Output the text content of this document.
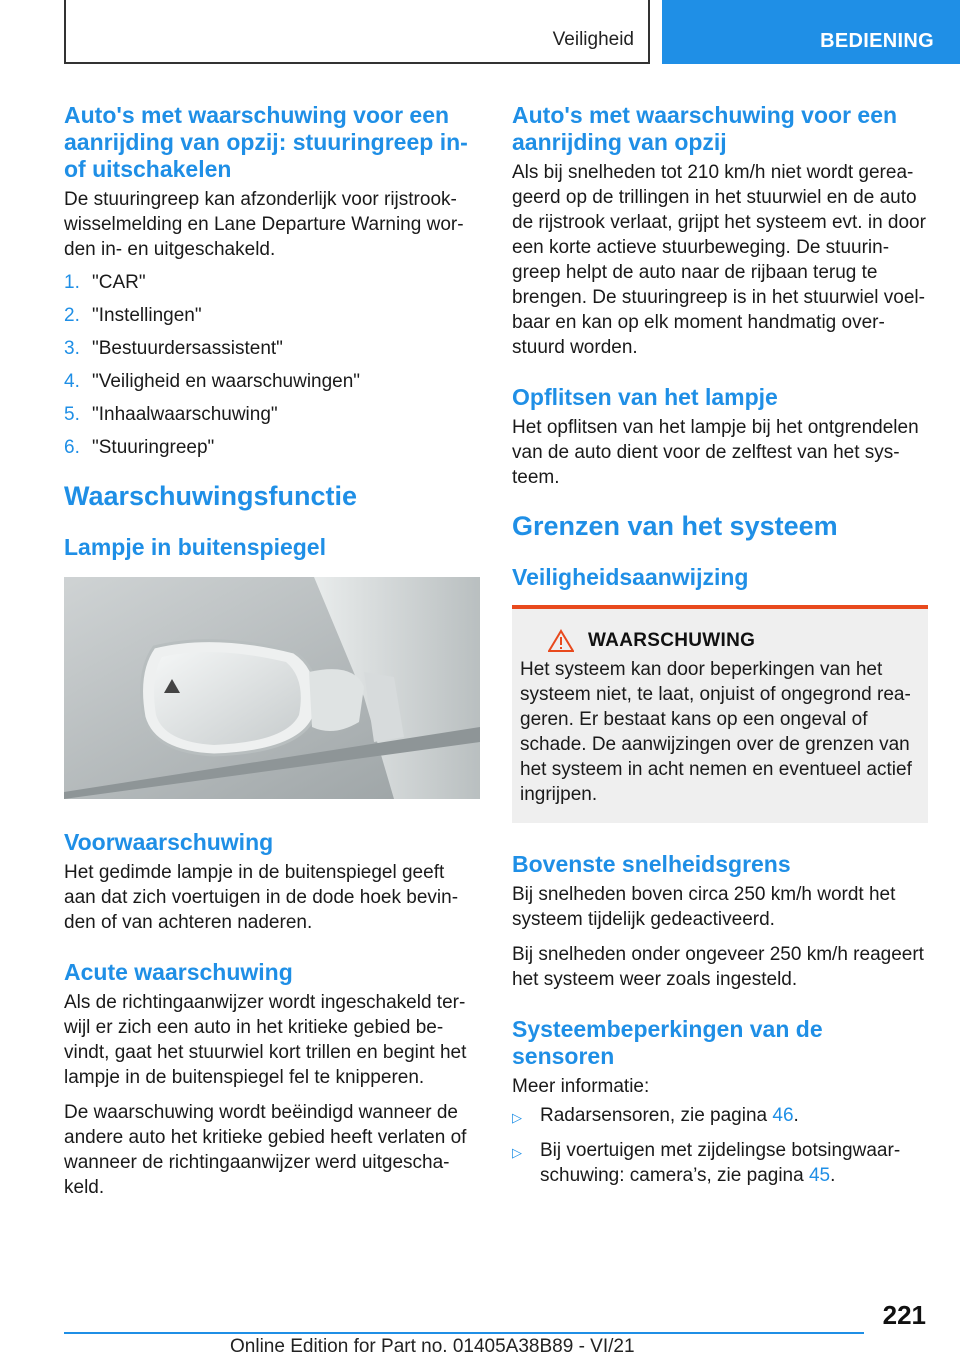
Veiligheid	BEDIENING
Auto's met waarschuwing voor een aanrijding van opzij: stuuringreep in- of uitschakelen
De stuuringreep kan afzonderlijk voor rijstrookwisselmelding en Lane Departure Warning worden in- en uitgeschakeld.
1. "CAR"
2. "Instellingen"
3. "Bestuurdersassistent"
4. "Veiligheid en waarschuwingen"
5. "Inhaalwaarschuwing"
6. "Stuuringreep"
Waarschuwingsfunctie
Lampje in buitenspiegel
Voorwaarschuwing
Het gedimde lampje in de buitenspiegel geeft aan dat zich voertuigen in de dode hoek bevinden of van achteren naderen.
Acute waarschuwing
Als de richtingaanwijzer wordt ingeschakeld terwijl er zich een auto in het kritieke gebied bevindt, gaat het stuurwiel kort trillen en begint het lampje in de buitenspiegel fel te knipperen.
De waarschuwing wordt beëindigd wanneer de andere auto het kritieke gebied heeft verlaten of wanneer de richtingaanwijzer werd uitgeschakeld.
Auto's met waarschuwing voor een aanrijding van opzij
Als bij snelheden tot 210 km/h niet wordt gereageerd op de trillingen in het stuurwiel en de auto de rijstrook verlaat, grijpt het systeem evt. in door een korte actieve stuurbeweging. De stuuringreep helpt de auto naar de rijbaan terug te brengen. De stuuringreep is in het stuurwiel voelbaar en kan op elk moment handmatig overstuurd worden.
Opflitsen van het lampje
Het opflitsen van het lampje bij het ontgrendelen van de auto dient voor de zelftest van het systeem.
Grenzen van het systeem
Veiligheidsaanwijzing
WAARSCHUWING
Het systeem kan door beperkingen van het systeem niet, te laat, onjuist of ongegrond reageren. Er bestaat kans op een ongeval of schade. De aanwijzingen over de grenzen van het systeem in acht nemen en eventueel actief ingrijpen.
Bovenste snelheidsgrens
Bij snelheden boven circa 250 km/h wordt het systeem tijdelijk gedeactiveerd.
Bij snelheden onder ongeveer 250 km/h reageert het systeem weer zoals ingesteld.
Systeembeperkingen van de sensoren
Meer informatie:
▷ Radarsensoren, zie pagina 46.
▷ Bij voertuigen met zijdelingse botsingwaarschuwing: camera’s, zie pagina 45.
221
Online Edition for Part no. 01405A38B89 - VI/21
